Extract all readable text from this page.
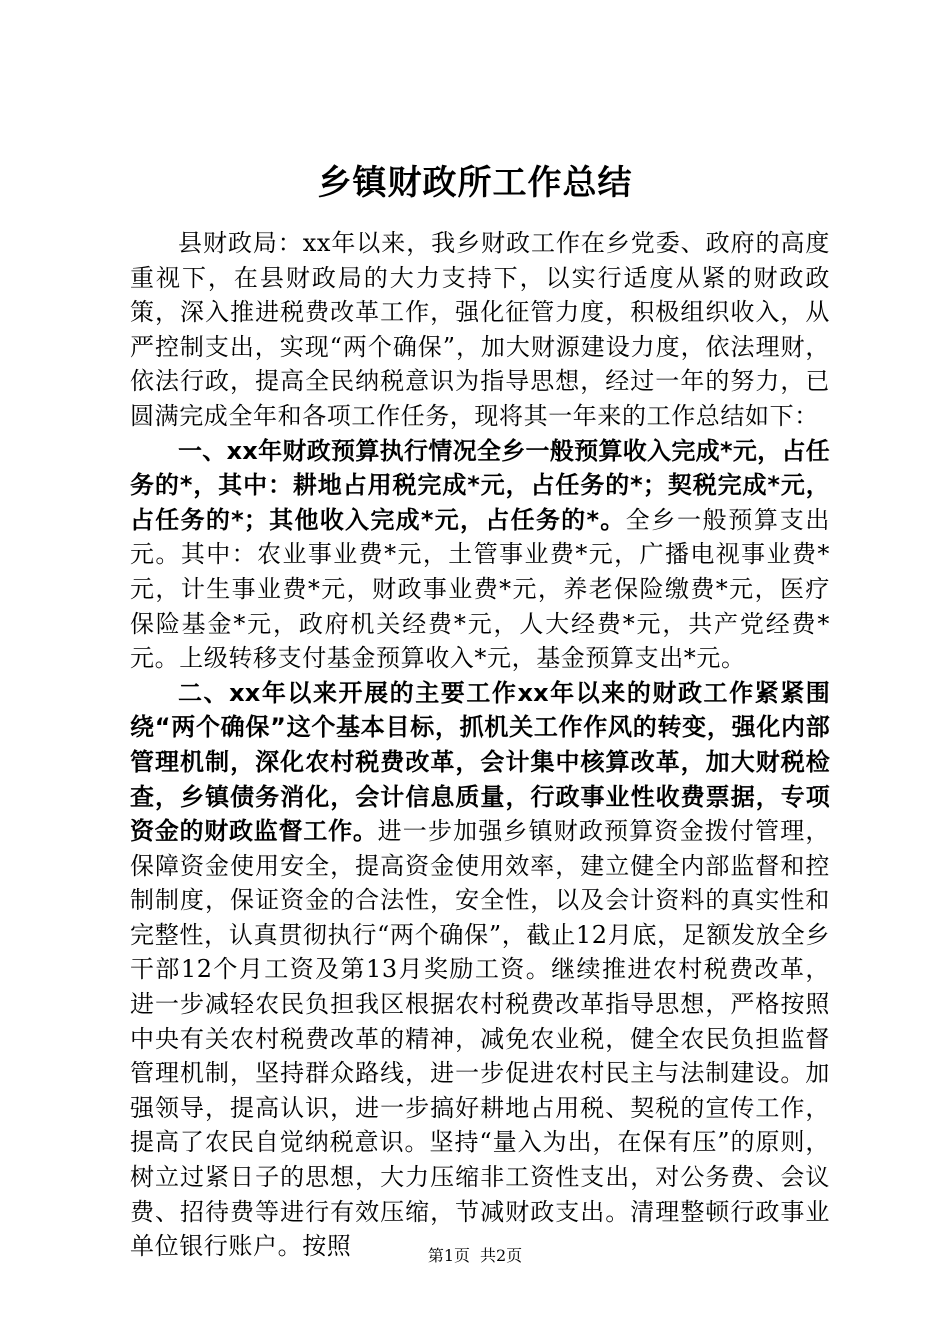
乡镇财政所工作总结

县财政局：xx年以来，我乡财政工作在乡党委、政府的高度重视下，在县财政局的大力支持下，以实行适度从紧的财政政策，深入推进税费改革工作，强化征管力度，积极组织收入，从严控制支出，实现“两个确保”，加大财源建设力度，依法理财，依法行政，提高全民纳税意识为指导思想，经过一年的努力，已圆满完成全年和各项工作任务，现将其一年来的工作总结如下：

一、xx年财政预算执行情况全乡一般预算收入完成*元，占任务的*，其中：耕地占用税完成*元，占任务的*；契税完成*元，占任务的*；其他收入完成*元，占任务的*。全乡一般预算支出元。其中：农业事业费*元，土管事业费*元，广播电视事业费*元，计生事业费*元，财政事业费*元，养老保险缴费*元，医疗保险基金*元，政府机关经费*元，人大经费*元，共产党经费*元。上级转移支付基金预算收入*元，基金预算支出*元。

二、xx年以来开展的主要工作xx年以来的财政工作紧紧围绕“两个确保”这个基本目标，抓机关工作作风的转变，强化内部管理机制，深化农村税费改革，会计集中核算改革，加大财税检查，乡镇债务消化，会计信息质量，行政事业性收费票据，专项资金的财政监督工作。进一步加强乡镇财政预算资金拨付管理，保障资金使用安全，提高资金使用效率，建立健全内部监督和控制制度，保证资金的合法性，安全性，以及会计资料的真实性和完整性，认真贯彻执行“两个确保”，截止12月底，足额发放全乡干部12个月工资及第13月奖励工资。继续推进农村税费改革，进一步减轻农民负担我区根据农村税费改革指导思想，严格按照中央有关农村税费改革的精神，减免农业税，健全农民负担监督管理机制，坚持群众路线，进一步促进农村民主与法制建设。加强领导，提高认识，进一步搞好耕地占用税、契税的宣传工作，提高了农民自觉纳税意识。坚持“量入为出，在保有压”的原则，树立过紧日子的思想，大力压缩非工资性支出，对公务费、会议费、招待费等进行有效压缩，节减财政支出。清理整顿行政事业单位银行账户。按照	第1页 共2页
